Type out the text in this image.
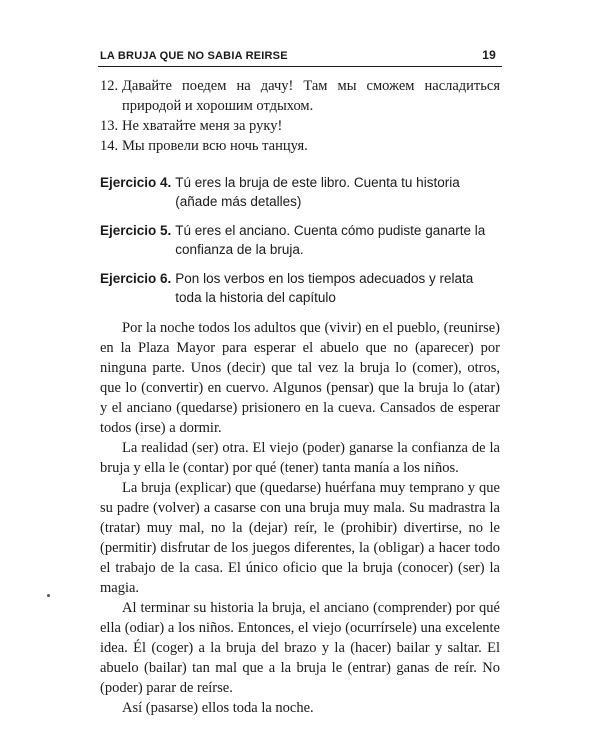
LA BRUJA QUE NO SABIA REIRSE	19
12. Давайте поедем на дачу! Там мы сможем насладиться природой и хорошим отдыхом.
13. Не хватайте меня за руку!
14. Мы провели всю ночь танцуя.
Ejercicio 4. Tú eres la bruja de este libro. Cuenta tu historia (añade más detalles)
Ejercicio 5. Tú eres el anciano. Cuenta cómo pudiste ganarte la confianza de la bruja.
Ejercicio 6. Pon los verbos en los tiempos adecuados y relata toda la historia del capítulo

Por la noche todos los adultos que (vivir) en el pueblo, (reunirse) en la Plaza Mayor para esperar el abuelo que no (aparecer) por ninguna parte. Unos (decir) que tal vez la bruja lo (comer), otros, que lo (convertir) en cuervo. Algunos (pensar) que la bruja lo (atar) y el anciano (quedarse) prisionero en la cueva. Cansados de esperar todos (irse) a dormir.

La realidad (ser) otra. El viejo (poder) ganarse la confianza de la bruja y ella le (contar) por qué (tener) tanta manía a los niños.

La bruja (explicar) que (quedarse) huérfana muy temprano y que su padre (volver) a casarse con una bruja muy mala. Su madrastra la (tratar) muy mal, no la (dejar) reír, le (prohibir) divertirse, no le (permitir) disfrutar de los juegos diferentes, la (obligar) a hacer todo el trabajo de la casa. El único oficio que la bruja (conocer) (ser) la magia.

Al terminar su historia la bruja, el anciano (comprender) por qué ella (odiar) a los niños. Entonces, el viejo (ocurrírsele) una excelente idea. Él (coger) a la bruja del brazo y la (hacer) bailar y saltar. El abuelo (bailar) tan mal que a la bruja le (entrar) ganas de reír. No (poder) parar de reírse.

Así (pasarse) ellos toda la noche.
